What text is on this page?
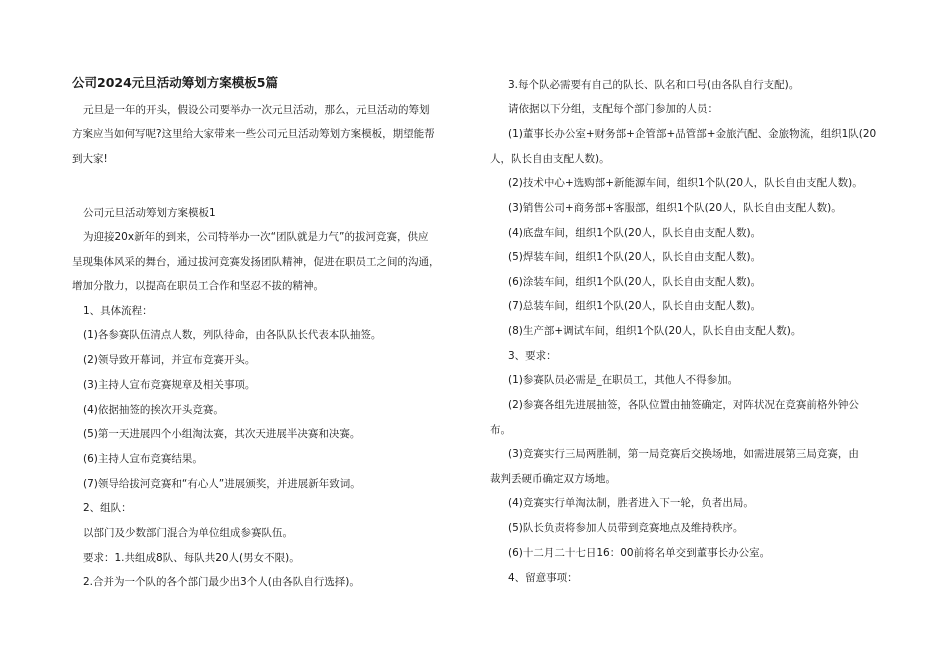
公司2024元旦活动筹划方案模板5篇
元旦是一年的开头，假设公司要举办一次元旦活动，那么，元旦活动的筹划
方案应当如何写呢?这里给大家带来一些公司元旦活动筹划方案模板，期望能帮
到大家!
公司元旦活动筹划方案模板1
为迎接20x新年的到来，公司特举办一次“团队就是力气”的拔河竞赛，供应
呈现集体风采的舞台，通过拔河竞赛发扬团队精神，促进在职员工之间的沟通，
增加分散力，以提高在职员工合作和坚忍不拔的精神。
1、具体流程：
(1)各参赛队伍清点人数，列队待命，由各队队长代表本队抽签。
(2)领导致开幕词，并宣布竞赛开头。
(3)主持人宣布竞赛规章及相关事项。
(4)依据抽签的挨次开头竞赛。
(5)第一天进展四个小组淘汰赛，其次天进展半决赛和决赛。
(6)主持人宣布竞赛结果。
(7)领导给拔河竞赛和“有心人”进展颁奖，并进展新年致词。
2、组队：
以部门及少数部门混合为单位组成参赛队伍。
要求：1.共组成8队、每队共20人(男女不限)。
2.合并为一个队的各个部门最少出3个人(由各队自行选择)。
3.每个队必需要有自己的队长、队名和口号(由各队自行支配)。
请依据以下分组，支配每个部门参加的人员：
(1)董事长办公室+财务部+企管部+品管部+金旅汽配、金旅物流，组织1队(20
人，队长自由支配人数)。
(2)技术中心+选购部+新能源车间，组织1个队(20人，队长自由支配人数)。
(3)销售公司+商务部+客服部，组织1个队(20人，队长自由支配人数)。
(4)底盘车间，组织1个队(20人，队长自由支配人数)。
(5)焊装车间，组织1个队(20人，队长自由支配人数)。
(6)涂装车间，组织1个队(20人，队长自由支配人数)。
(7)总装车间，组织1个队(20人，队长自由支配人数)。
(8)生产部+调试车间，组织1个队(20人，队长自由支配人数)。
3、要求：
(1)参赛队员必需是_在职员工，其他人不得参加。
(2)参赛各组先进展抽签，各队位置由抽签确定，对阵状况在竞赛前格外钟公
布。
(3)竞赛实行三局两胜制，第一局竞赛后交换场地，如需进展第三局竞赛，由
裁判丢硬币确定双方场地。
(4)竞赛实行单淘汰制，胜者进入下一轮，负者出局。
(5)队长负责将参加人员带到竞赛地点及维持秩序。
(6)十二月二十七日16：00前将名单交到董事长办公室。
4、留意事项：
